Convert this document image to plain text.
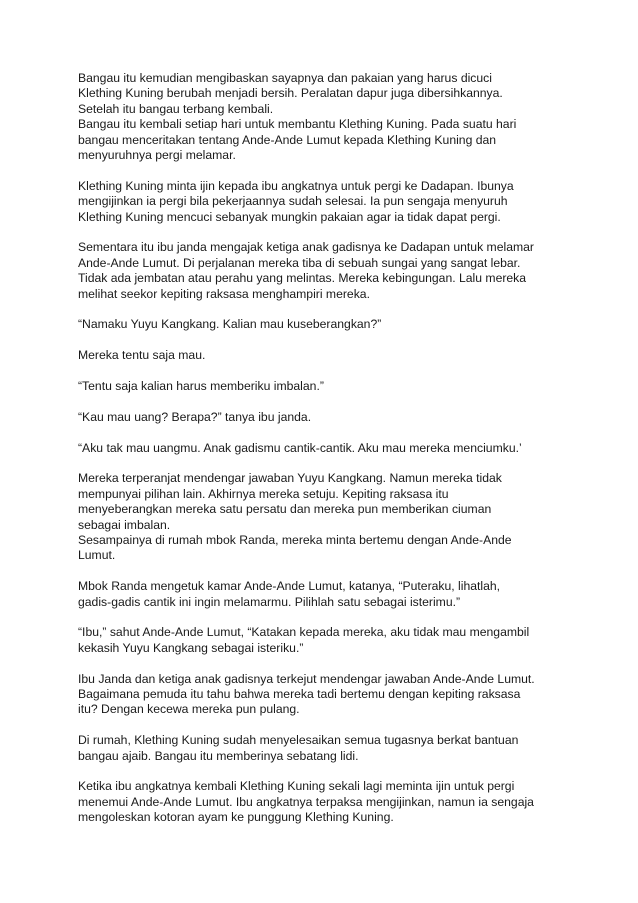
Bangau itu kemudian mengibaskan sayapnya dan pakaian yang harus dicuci
Klething Kuning berubah menjadi bersih. Peralatan dapur juga dibersihkannya.
Setelah itu bangau terbang kembali.

Bangau itu kembali setiap hari untuk membantu Klething Kuning. Pada suatu hari
bangau menceritakan tentang Ande-Ande Lumut kepada Klething Kuning dan
menyuruhnya pergi melamar.

Klething Kuning minta ijin kepada ibu angkatnya untuk pergi ke Dadapan. Ibunya
mengijinkan ia pergi bila pekerjaannya sudah selesai. Ia pun sengaja menyuruh
Klething Kuning mencuci sebanyak mungkin pakaian agar ia tidak dapat pergi.

Sementara itu ibu janda mengajak ketiga anak gadisnya ke Dadapan untuk melamar
Ande-Ande Lumut. Di perjalanan mereka tiba di sebuah sungai yang sangat lebar.
Tidak ada jembatan atau perahu yang melintas. Mereka kebingungan. Lalu mereka
melihat seekor kepiting raksasa menghampiri mereka.

“Namaku Yuyu Kangkang. Kalian mau kuseberangkan?”

Mereka tentu saja mau.

“Tentu saja kalian harus memberiku imbalan.”

“Kau mau uang? Berapa?” tanya ibu janda.

“Aku tak mau uangmu. Anak gadismu cantik-cantik. Aku mau mereka menciumku.’

Mereka terperanjat mendengar jawaban Yuyu Kangkang. Namun mereka tidak
mempunyai pilihan lain. Akhirnya mereka setuju. Kepiting raksasa itu
menyeberangkan mereka satu persatu dan mereka pun memberikan ciuman
sebagai imbalan.

Sesampainya di rumah mbok Randa, mereka minta bertemu dengan Ande-Ande
Lumut.

Mbok Randa mengetuk kamar Ande-Ande Lumut, katanya, “Puteraku, lihatlah,
gadis-gadis cantik ini ingin melamarmu. Pilihlah satu sebagai isterimu.”

“Ibu,” sahut Ande-Ande Lumut, “Katakan kepada mereka, aku tidak mau mengambil
kekasih Yuyu Kangkang sebagai isteriku.”

Ibu Janda dan ketiga anak gadisnya terkejut mendengar jawaban Ande-Ande Lumut.
Bagaimana pemuda itu tahu bahwa mereka tadi bertemu dengan kepiting raksasa
itu? Dengan kecewa mereka pun pulang.

Di rumah, Klething Kuning sudah menyelesaikan semua tugasnya berkat bantuan
bangau ajaib. Bangau itu memberinya sebatang lidi.

Ketika ibu angkatnya kembali Klething Kuning sekali lagi meminta ijin untuk pergi
menemui Ande-Ande Lumut. Ibu angkatnya terpaksa mengijinkan, namun ia sengaja
mengoleskan kotoran ayam ke punggung Klething Kuning.
